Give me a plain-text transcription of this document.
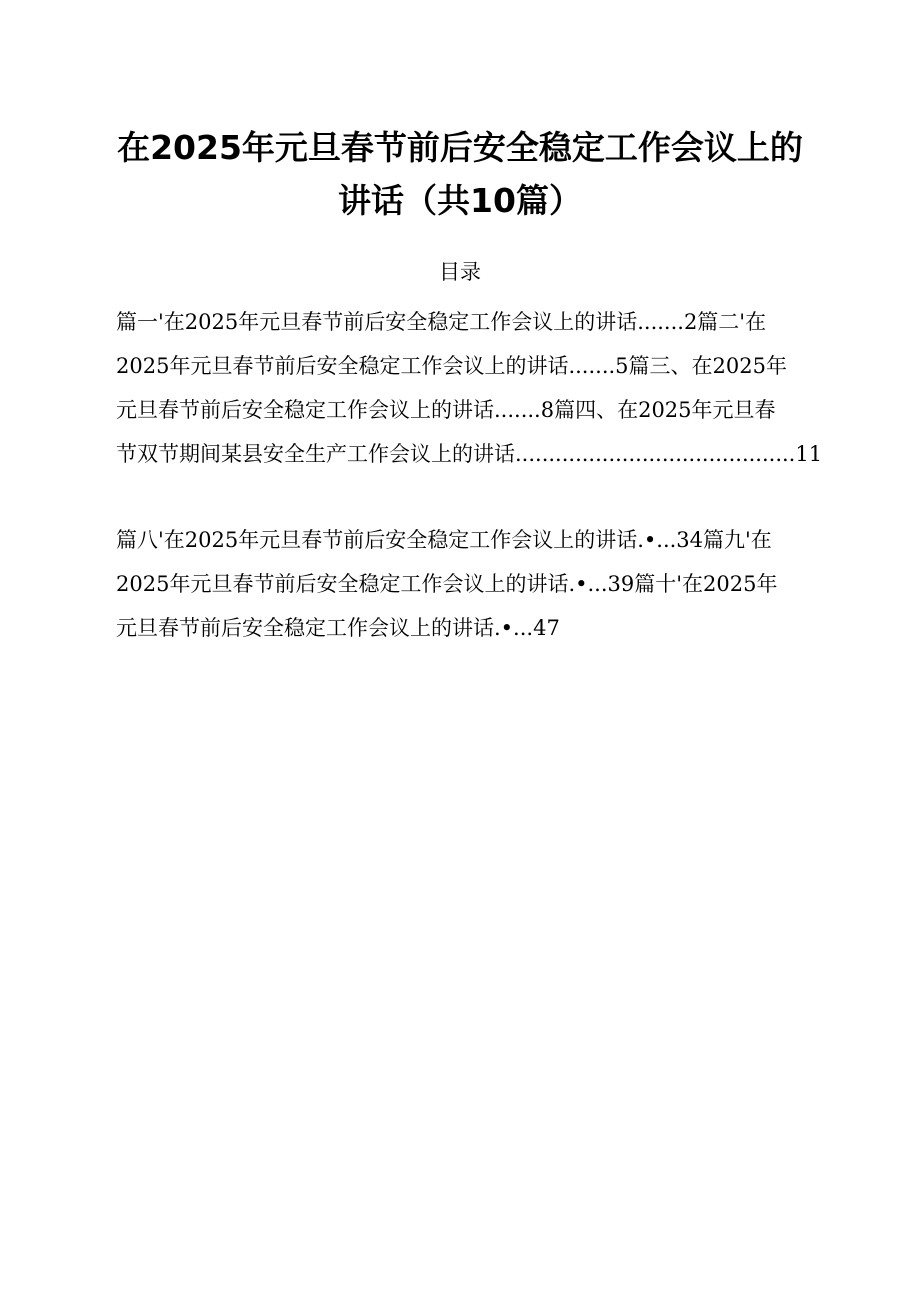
在2025年元旦春节前后安全稳定工作会议上的
讲话（共10篇）
目录
篇一'在2025年元旦春节前后安全稳定工作会议上的讲话.......2篇二'在
2025年元旦春节前后安全稳定工作会议上的讲话.......5篇三、在2025年
元旦春节前后安全稳定工作会议上的讲话.......8篇四、在2025年元旦春
节双节期间某县安全生产工作会议上的讲话..........................................11
篇八'在2025年元旦春节前后安全稳定工作会议上的讲话.•...34篇九'在
2025年元旦春节前后安全稳定工作会议上的讲话.•...39篇十'在2025年
元旦春节前后安全稳定工作会议上的讲话.•...47
